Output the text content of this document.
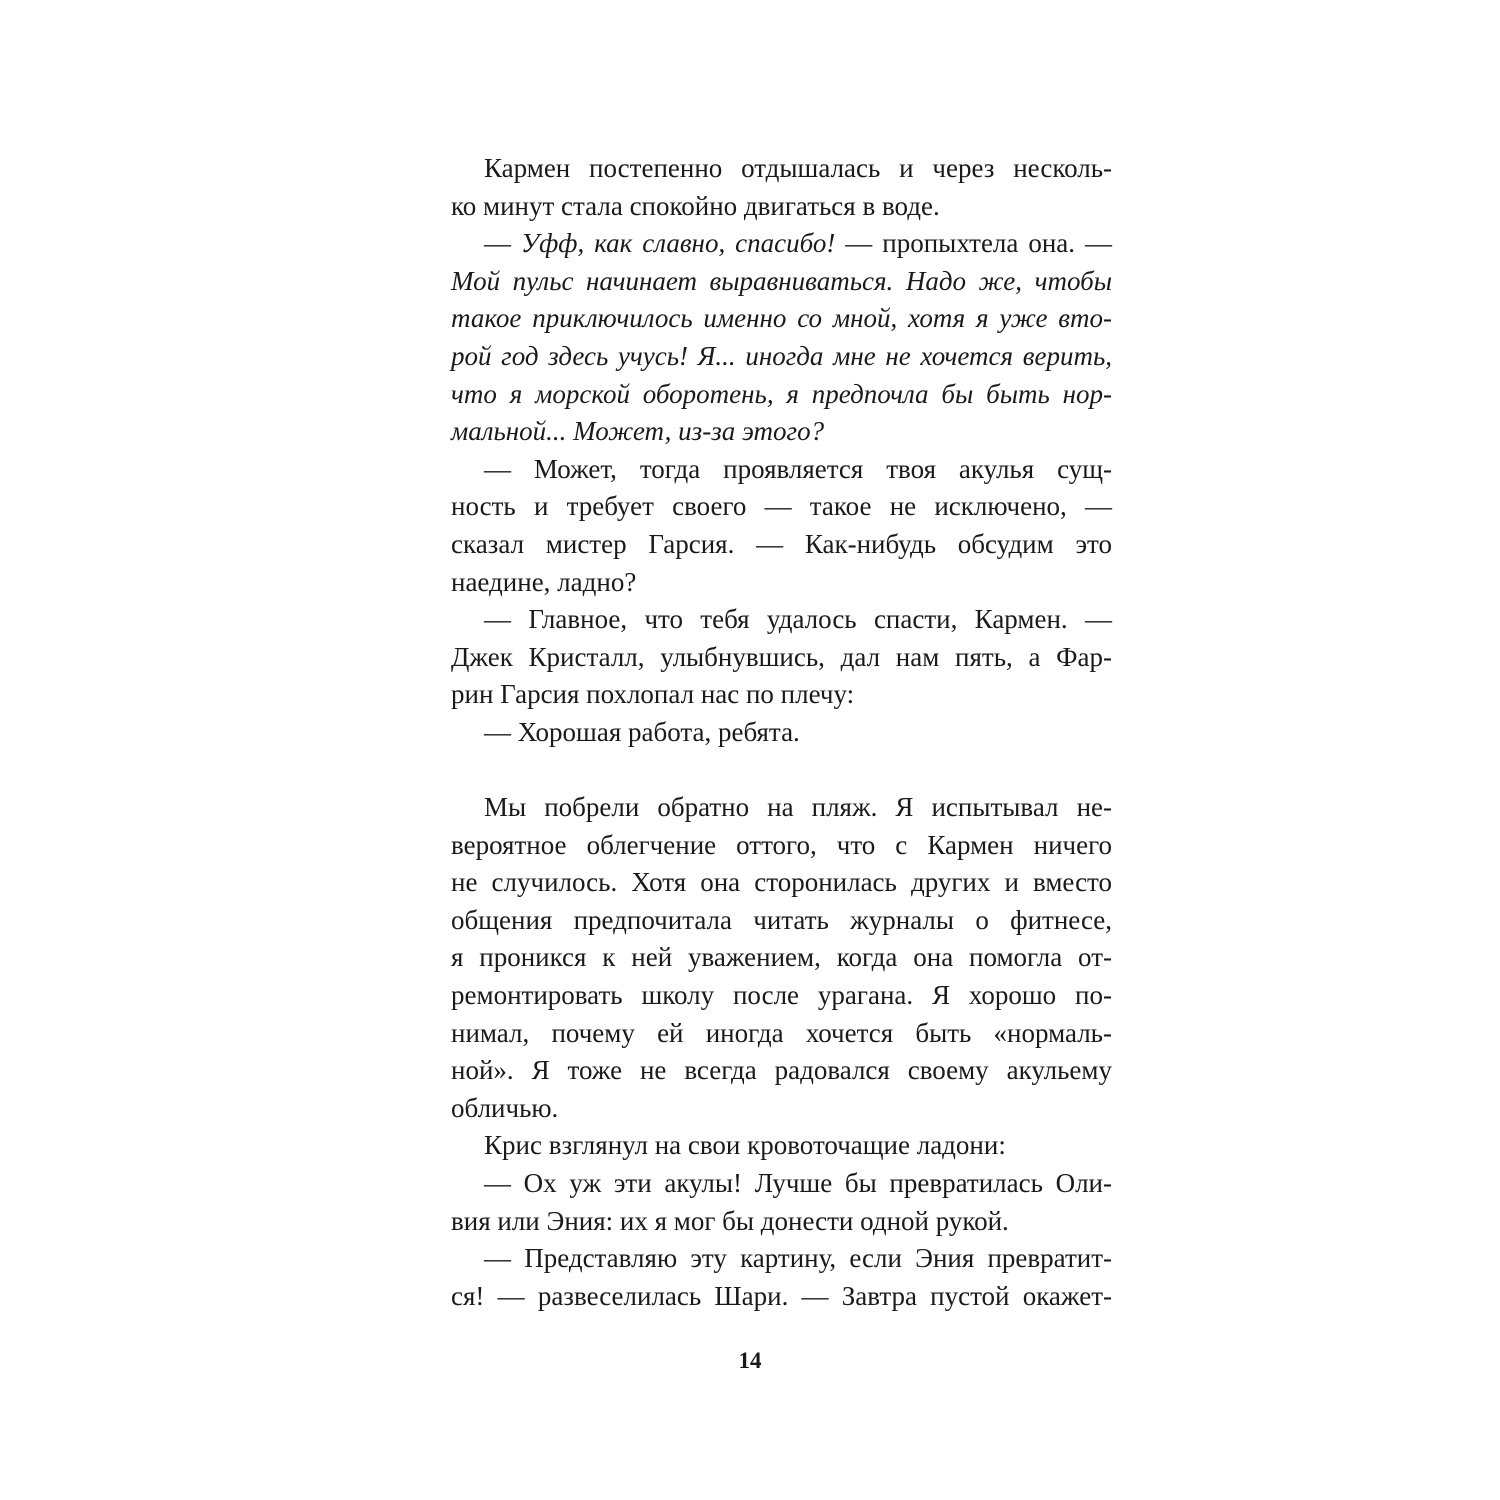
Кармен постепенно отдышалась и через несколь-
ко минут стала спокойно двигаться в воде.
— Уфф, как славно, спасибо! — пропыхтела она. —
Мой пульс начинает выравниваться. Надо же, чтобы
такое приключилось именно со мной, хотя я уже вто-
рой год здесь учусь! Я... иногда мне не хочется верить,
что я морской оборотень, я предпочла бы быть нор-
мальной... Может, из-за этого?
— Может, тогда проявляется твоя акулья сущ-
ность и требует своего — такое не исключено, —
сказал мистер Гарсия. — Как-нибудь обсудим это
наедине, ладно?
— Главное, что тебя удалось спасти, Кармен. —
Джек Кристалл, улыбнувшись, дал нам пять, а Фар-
рин Гарсия похлопал нас по плечу:
— Хорошая работа, ребята.
Мы побрели обратно на пляж. Я испытывал не-
вероятное облегчение оттого, что с Кармен ничего
не случилось. Хотя она сторонилась других и вместо
общения предпочитала читать журналы о фитнесе,
я проникся к ней уважением, когда она помогла от-
ремонтировать школу после урагана. Я хорошо по-
нимал, почему ей иногда хочется быть «нормаль-
ной». Я тоже не всегда радовался своему акульему
обличью.
Крис взглянул на свои кровоточащие ладони:
— Ох уж эти акулы! Лучше бы превратилась Оли-
вия или Эния: их я мог бы донести одной рукой.
— Представляю эту картину, если Эния превратит-
ся! — развеселилась Шари. — Завтра пустой окажет-
14
